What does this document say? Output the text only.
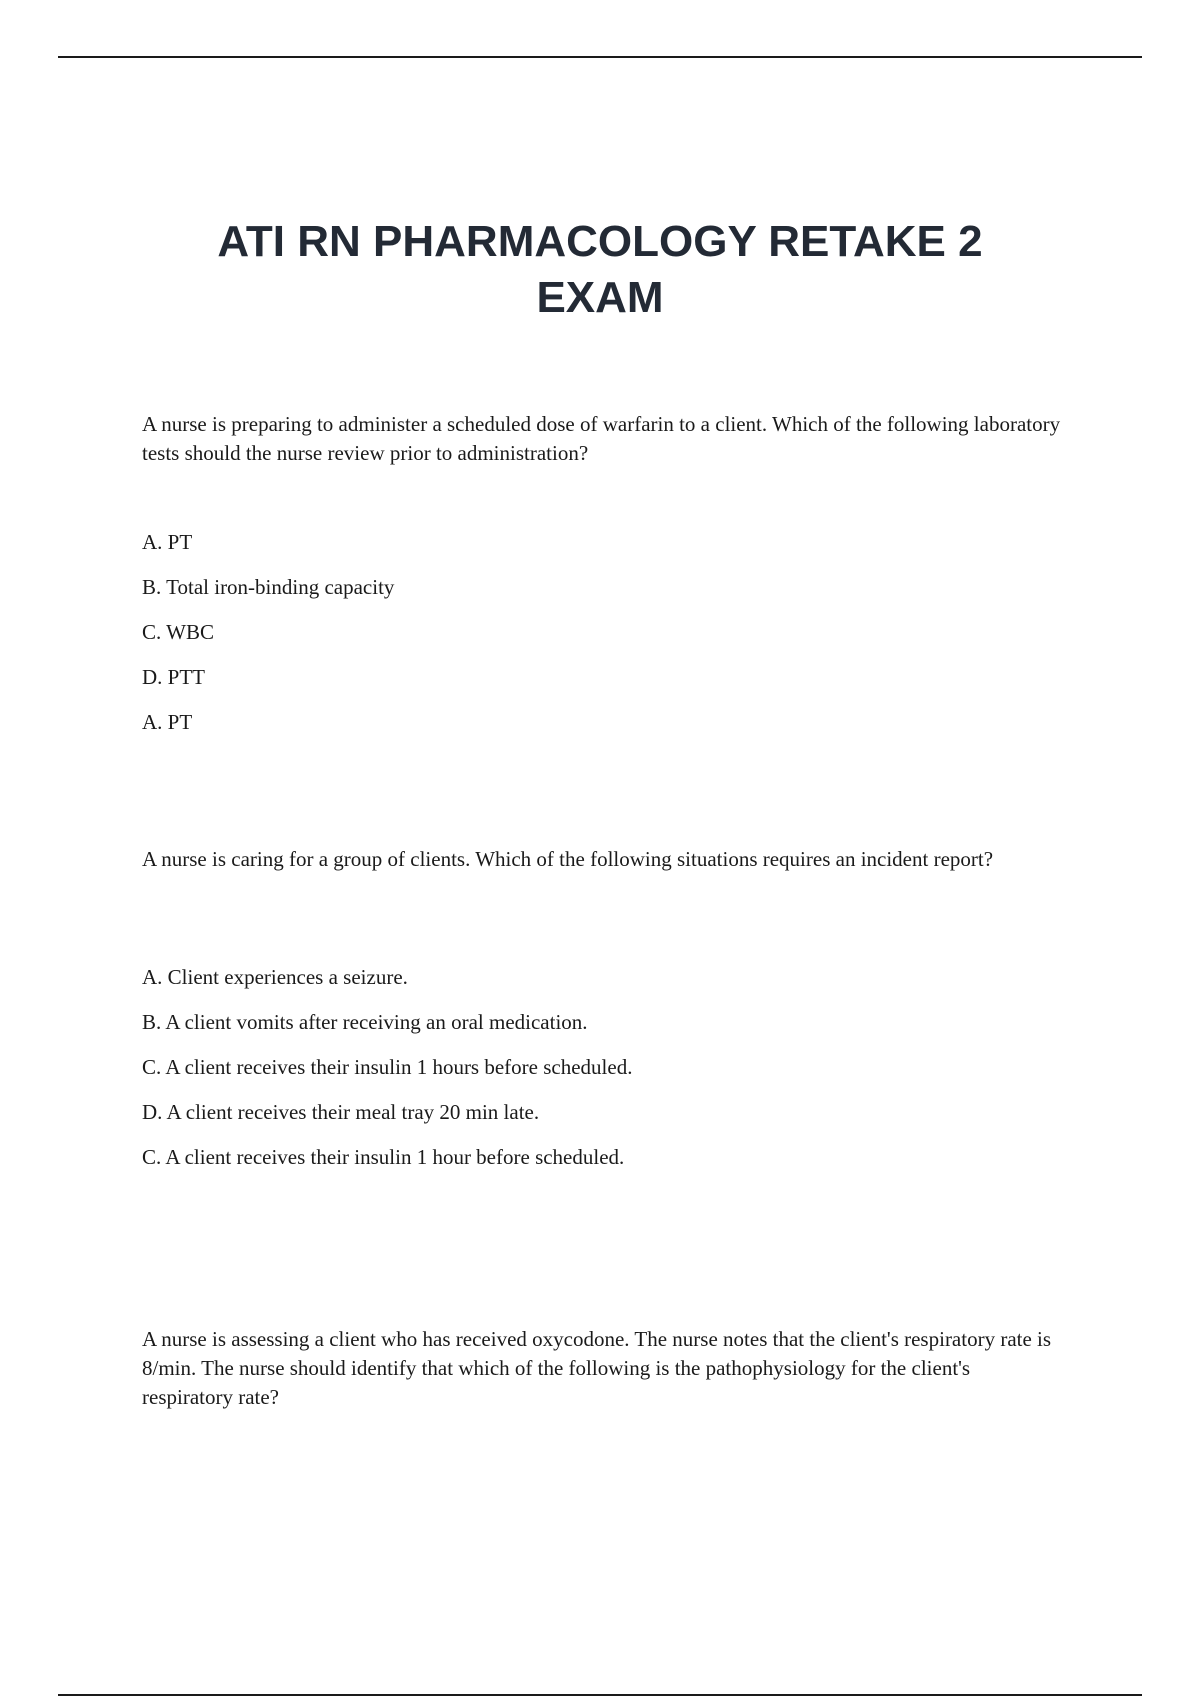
ATI RN PHARMACOLOGY RETAKE 2
EXAM

A nurse is preparing to administer a scheduled dose of warfarin to a client. Which of the following laboratory tests should the nurse review prior to administration?

A. PT
B. Total iron-binding capacity
C. WBC
D. PTT
A. PT

A nurse is caring for a group of clients. Which of the following situations requires an incident report?

A. Client experiences a seizure.
B. A client vomits after receiving an oral medication.
C. A client receives their insulin 1 hours before scheduled.
D. A client receives their meal tray 20 min late.
C. A client receives their insulin 1 hour before scheduled.

A nurse is assessing a client who has received oxycodone. The nurse notes that the client's respiratory rate is 8/min. The nurse should identify that which of the following is the pathophysiology for the client's respiratory rate?
